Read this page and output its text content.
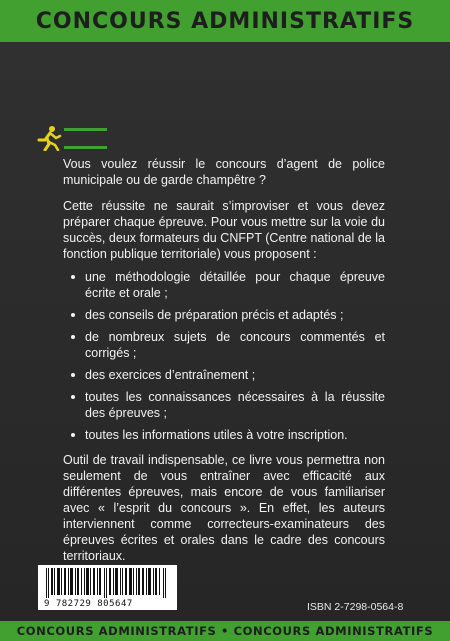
CONCOURS ADMINISTRATIFS

Vous voulez réussir le concours d’agent de police municipale ou de garde champêtre ?

Cette réussite ne saurait s’improviser et vous devez préparer chaque épreuve. Pour vous mettre sur la voie du succès, deux formateurs du CNFPT (Centre national de la fonction publique territoriale) vous proposent :

une méthodologie détaillée pour chaque épreuve écrite et orale ;
des conseils de préparation précis et adaptés ;
de nombreux sujets de concours commentés et corrigés ;
des exercices d’entraînement ;
toutes les connaissances nécessaires à la réussite des épreuves ;
toutes les informations utiles à votre inscription.

Outil de travail indispensable, ce livre vous permettra non seulement de vous entraîner avec efficacité aux différentes épreuves, mais encore de vous familiariser avec « l’esprit du concours ». En effet, les auteurs interviennent comme correcteurs-examinateurs des épreuves écrites et orales dans le cadre des concours territoriaux.

9 782729 805647	ISBN 2-7298-0564-8
CONCOURS ADMINISTRATIFS • CONCOURS ADMINISTRATIFS
